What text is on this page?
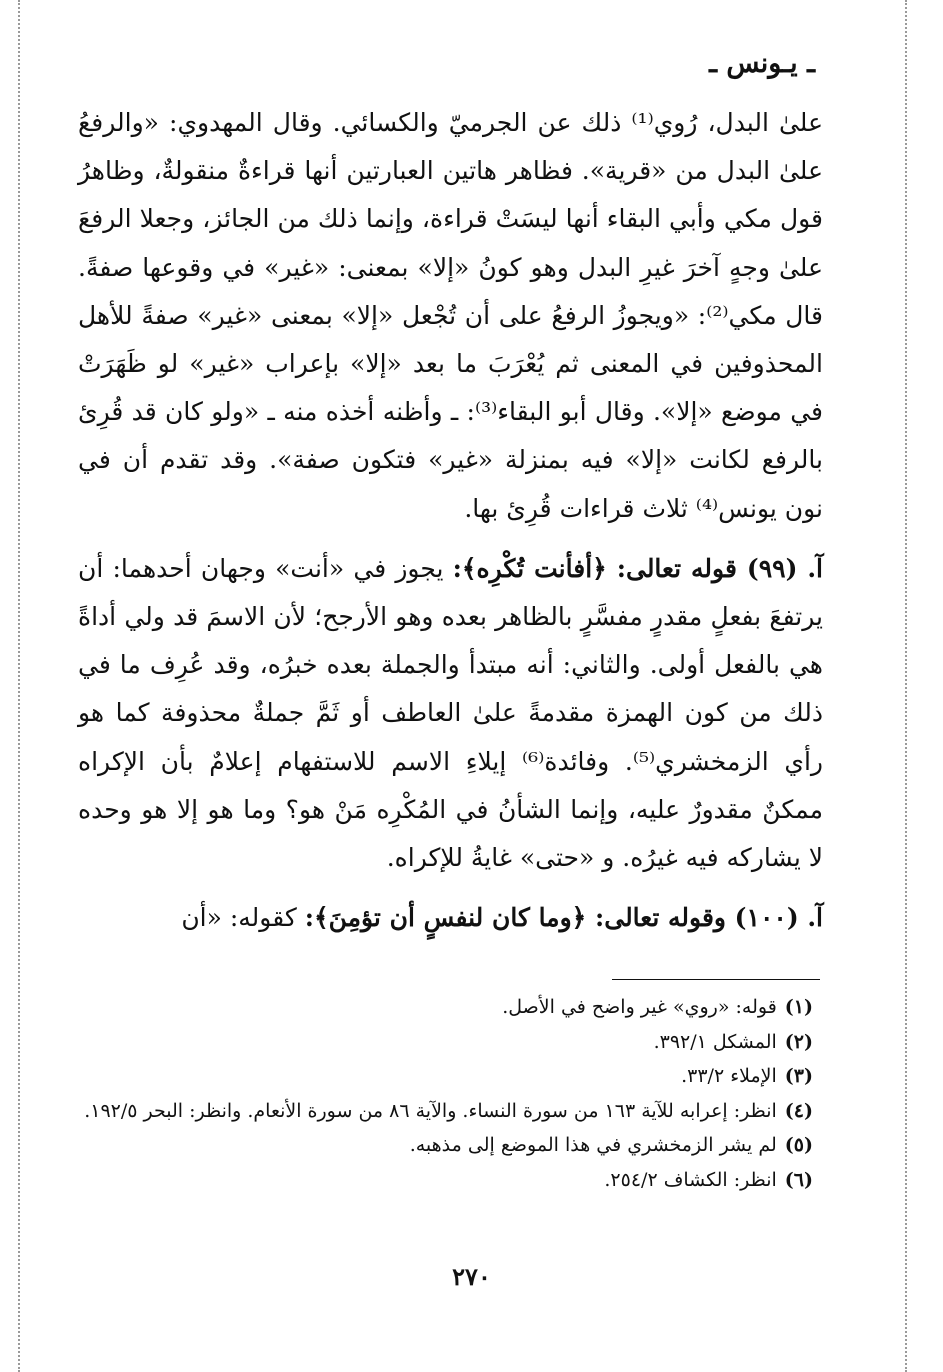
ـ يـونس ـ

علىٰ البدل، رُوي⁽¹⁾ ذلك عن الجرميّ والكسائي. وقال المهدوي: «والرفعُ علىٰ البدل من «قرية». فظاهر هاتين العبارتين أنها قراءةٌ منقولةٌ، وظاهرُ قول مكي وأبي البقاء أنها ليسَتْ قراءة، وإنما ذلك من الجائز، وجعلا الرفعَ علىٰ وجهٍ آخرَ غيرِ البدل وهو كونُ «إلا» بمعنى: «غير» في وقوعها صفةً. قال مكي⁽²⁾: «ويجوزُ الرفعُ على أن تُجْعل «إلا» بمعنى «غير» صفةً للأهل المحذوفين في المعنى ثم يُعْرَبَ ما بعد «إلا» بإعراب «غير» لو ظَهَرَتْ في موضع «إلا». وقال أبو البقاء⁽³⁾: ـ وأظنه أخذه منه ـ «ولو كان قد قُرِئ بالرفع لكانت «إلا» فيه بمنزلة «غير» فتكون صفة». وقد تقدم أن في نون يونس⁽⁴⁾ ثلاث قراءات قُرِئ بها.

آ. (٩٩) قوله تعالى: ﴿أفأنت تُكْرِه﴾: يجوز في «أنت» وجهان أحدهما: أن يرتفعَ بفعلٍ مقدرٍ مفسَّرٍ بالظاهر بعده وهو الأرجح؛ لأن الاسمَ قد ولي أداةً هي بالفعل أولى. والثاني: أنه مبتدأ والجملة بعده خبرُه، وقد عُرِف ما في ذلك من كون الهمزة مقدمةً علىٰ العاطف أو ثَمَّ جملةٌ محذوفة كما هو رأي الزمخشري⁽⁵⁾. وفائدة⁽⁶⁾ إيلاءِ الاسم للاستفهام إعلامٌ بأن الإكراه ممكنٌ مقدورٌ عليه، وإنما الشأنُ في المُكْرِه مَنْ هو؟ وما هو إلا هو وحده لا يشاركه فيه غيرُه. و «حتى» غايةُ للإكراه.

آ. (١٠٠) وقوله تعالى: ﴿وما كان لنفسٍ أن تؤمِنَ﴾: كقوله: «أن

(١)قوله: «روي» غير واضح في الأصل.
(٢)المشكل ٣٩٢/١.
(٣)الإملاء ٣٣/٢.
(٤)انظر: إعرابه للآية ١٦٣ من سورة النساء. والآية ٨٦ من سورة الأنعام. وانظر: البحر ١٩٢/٥.
(٥)لم يشر الزمخشري في هذا الموضع إلى مذهبه.
(٦)انظر: الكشاف ٢٥٤/٢.
٢٧٠
